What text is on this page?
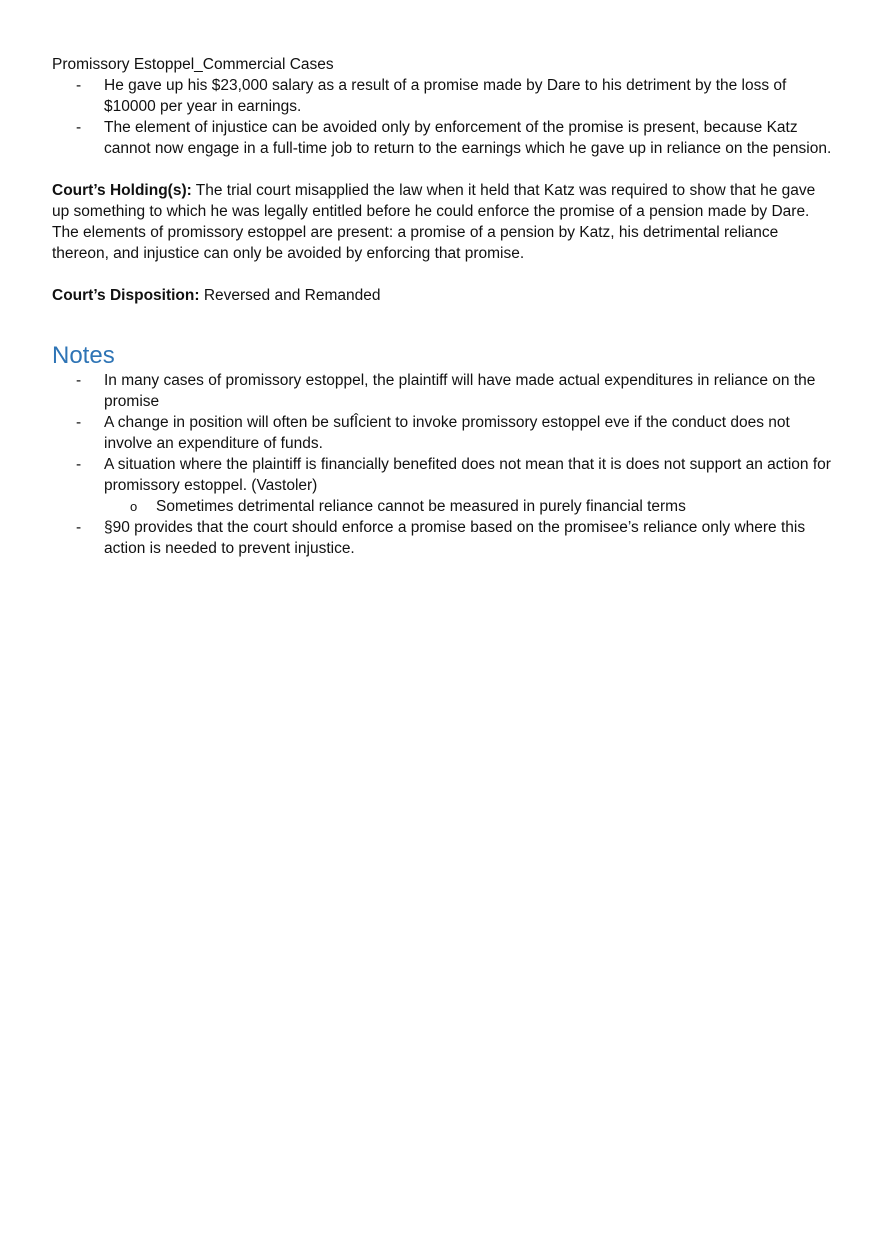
Promissory Estoppel_Commercial Cases

- He gave up his $23,000 salary as a result of a promise made by Dare to his detriment by the loss of $10000 per year in earnings.
- The element of injustice can be avoided only by enforcement of the promise is present, because Katz cannot now engage in a full-time job to return to the earnings which he gave up in reliance on the pension.

Court’s Holding(s): The trial court misapplied the law when it held that Katz was required to show that he gave up something to which he was legally entitled before he could enforce the promise of a pension made by Dare. The elements of promissory estoppel are present: a promise of a pension by Katz, his detrimental reliance thereon, and injustice can only be avoided by enforcing that promise.

Court’s Disposition: Reversed and Remanded

Notes
- In many cases of promissory estoppel, the plaintiff will have made actual expenditures in reliance on the promise
- A change in position will often be sufÎcient to invoke promissory estoppel eve if the conduct does not involve an expenditure of funds.
- A situation where the plaintiff is financially benefited does not mean that it is does not support an action for promissory estoppel. (Vastoler)
o Sometimes detrimental reliance cannot be measured in purely financial terms
- §90 provides that the court should enforce a promise based on the promisee’s reliance only where this action is needed to prevent injustice.
